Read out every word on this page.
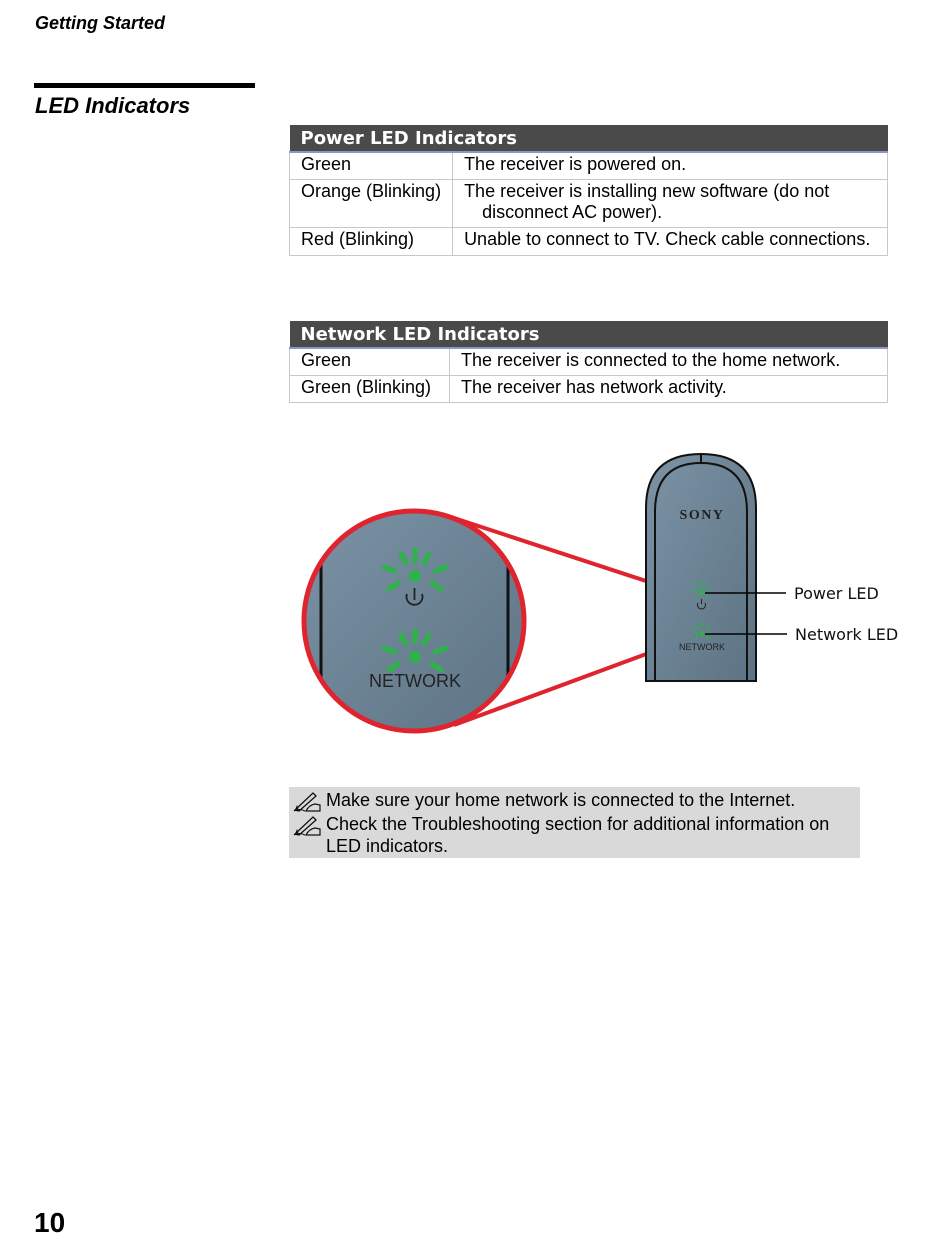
Getting Started
LED Indicators
Power LED Indicators	
Green	The receiver is powered on.

Orange (Blinking)	The receiver is installing new software (do not disconnect AC power).

Red (Blinking)	Unable to connect to TV. Check cable connections.
Network LED Indicators	
Green	The receiver is connected to the home network.

Green (Blinking)	The receiver has network activity.
SONY
NETWORK
Power LED
Network LED
NETWORK
Make sure your home network is connected to the Internet.
Check the Troubleshooting section for additional information on LED indicators.
10
